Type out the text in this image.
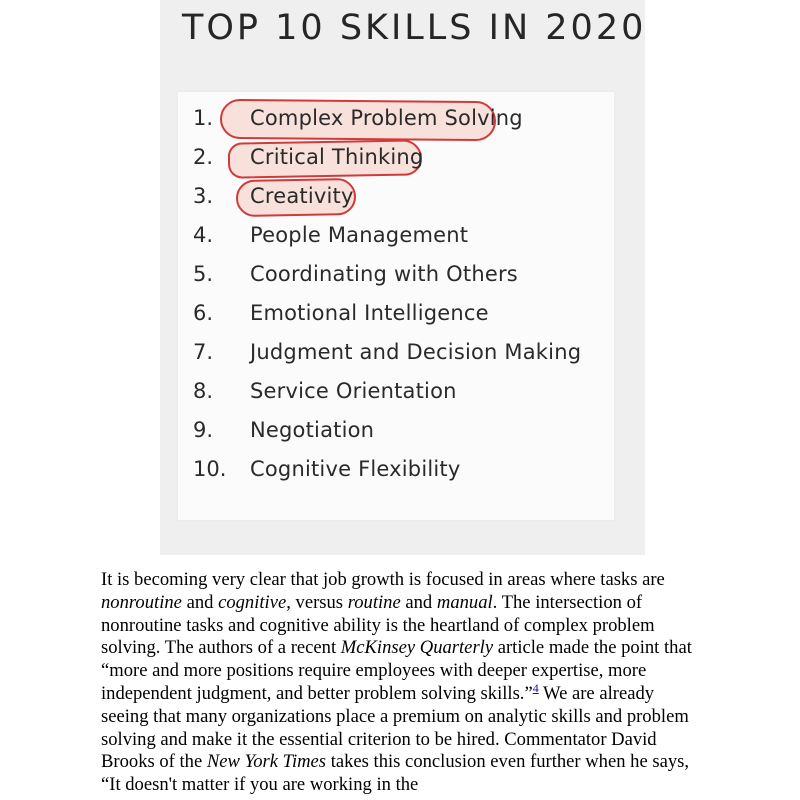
TOP 10 SKILLS IN 2020
1. Complex Problem Solving
2. Critical Thinking
3. Creativity
4. People Management
5. Coordinating with Others
6. Emotional Intelligence
7. Judgment and Decision Making
8. Service Orientation
9. Negotiation
10. Cognitive Flexibility

It is becoming very clear that job growth is focused in areas where tasks are nonroutine and cognitive, versus routine and manual. The intersection of nonroutine tasks and cognitive ability is the heartland of complex problem solving. The authors of a recent McKinsey Quarterly article made the point that “more and more positions require employees with deeper expertise, more independent judgment, and better problem solving skills.”$^4$ We are already seeing that many organizations place a premium on analytic skills and problem solving and make it the essential criterion to be hired. Commentator David Brooks of the New York Times takes this conclusion even further when he says, “It doesn't matter if you are working in the
